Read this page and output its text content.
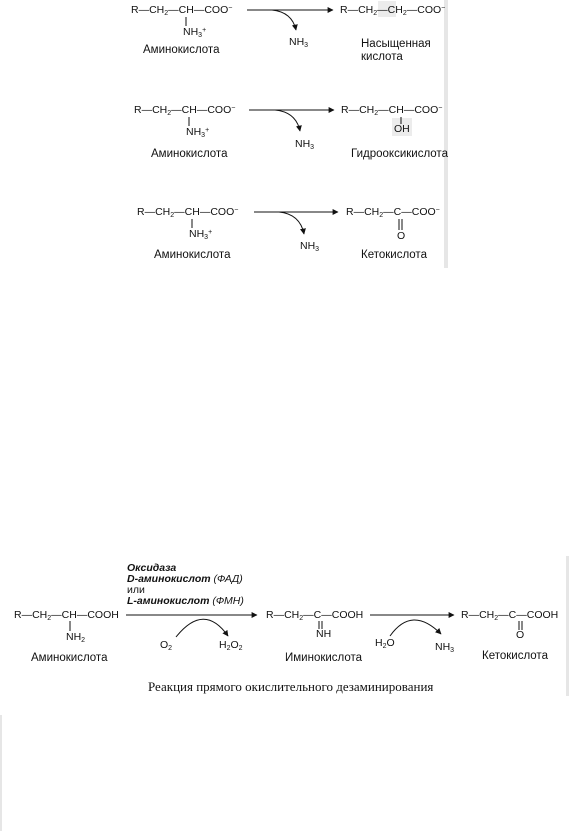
$R—CH_2—CH—COO^-$
$NH_3^+$
Аминокислота
$NH_3$
$R—CH_2—CH_2—COO^-$
Насыщенная
кислота
$R—CH_2—CH—COO^-$
$NH_3^+$
Аминокислота
$NH_3$
$R—CH_2—CH—COO^-$
OH
Гидрооксикислота
$R—CH_2—CH—COO^-$
$NH_3^+$
Аминокислота
$NH_3$
$R—CH_2—C—COO^-$
O
Кетокислота
Оксидаза
D-аминокислот (ФАД)
или
L-аминокислот (ФМН)
$R—CH_2—CH—COOH$
$NH_2$
Аминокислота
$O_2$	$H_2O_2$
$R—CH_2—C—COOH$
NH
Иминокислота
$H_2O$	$NH_3$
$R—CH_2—C—COOH$
O
Кетокислота
Реакция прямого окислительного дезаминирования
